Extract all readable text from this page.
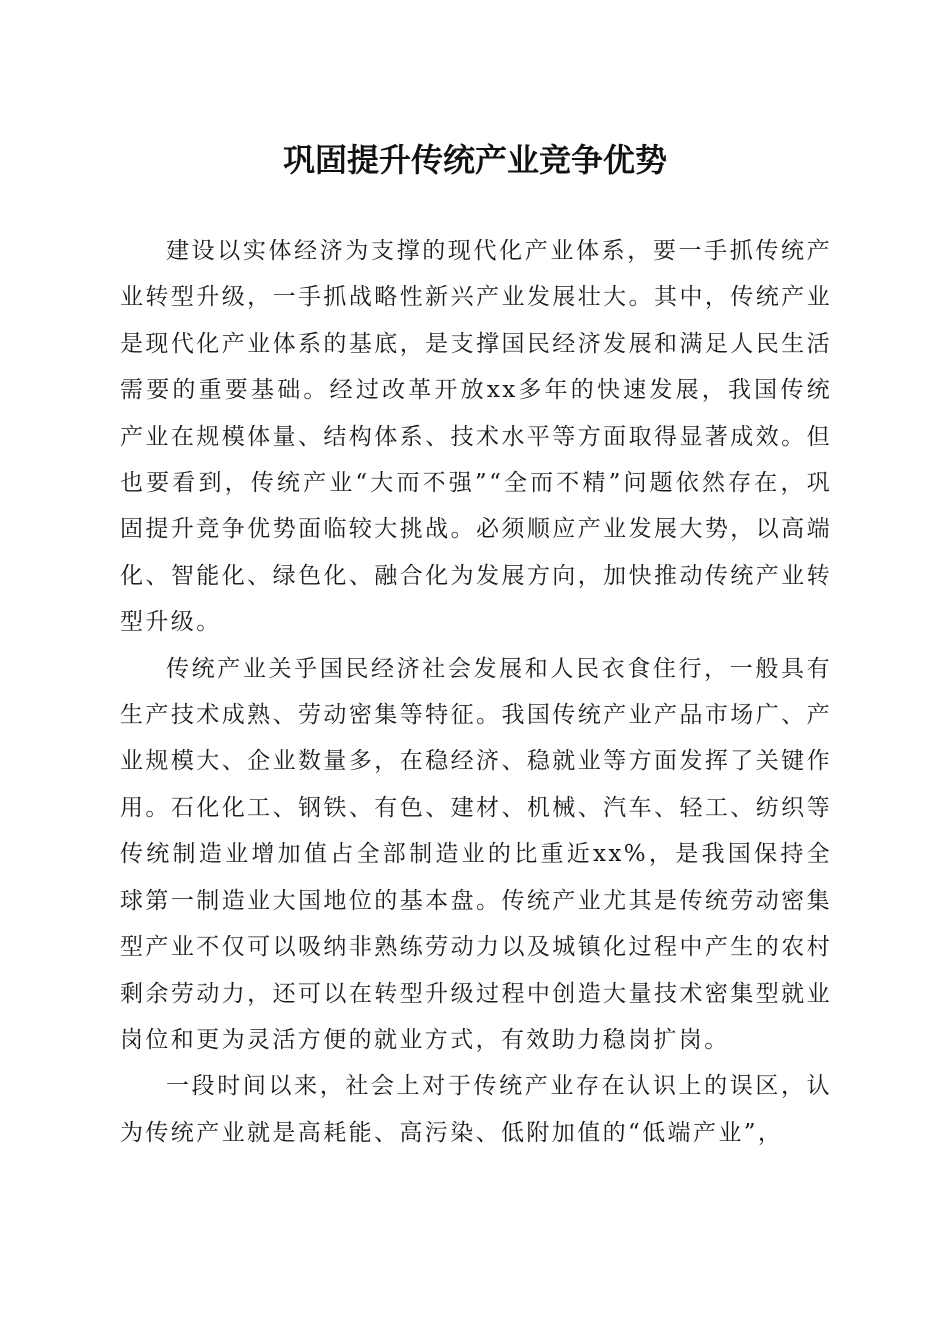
巩固提升传统产业竞争优势

建设以实体经济为支撑的现代化产业体系，要一手抓传统产业转型升级，一手抓战略性新兴产业发展壮大。其中，传统产业是现代化产业体系的基底，是支撑国民经济发展和满足人民生活需要的重要基础。经过改革开放xx多年的快速发展，我国传统产业在规模体量、结构体系、技术水平等方面取得显著成效。但也要看到，传统产业“大而不强”“全而不精”问题依然存在，巩固提升竞争优势面临较大挑战。必须顺应产业发展大势，以高端化、智能化、绿色化、融合化为发展方向，加快推动传统产业转型升级。

传统产业关乎国民经济社会发展和人民衣食住行，一般具有生产技术成熟、劳动密集等特征。我国传统产业产品市场广、产业规模大、企业数量多，在稳经济、稳就业等方面发挥了关键作用。石化化工、钢铁、有色、建材、机械、汽车、轻工、纺织等传统制造业增加值占全部制造业的比重近xx%，是我国保持全球第一制造业大国地位的基本盘。传统产业尤其是传统劳动密集型产业不仅可以吸纳非熟练劳动力以及城镇化过程中产生的农村剩余劳动力，还可以在转型升级过程中创造大量技术密集型就业岗位和更为灵活方便的就业方式，有效助力稳岗扩岗。

一段时间以来，社会上对于传统产业存在认识上的误区，认为传统产业就是高耗能、高污染、低附加值的“低端产业”，
